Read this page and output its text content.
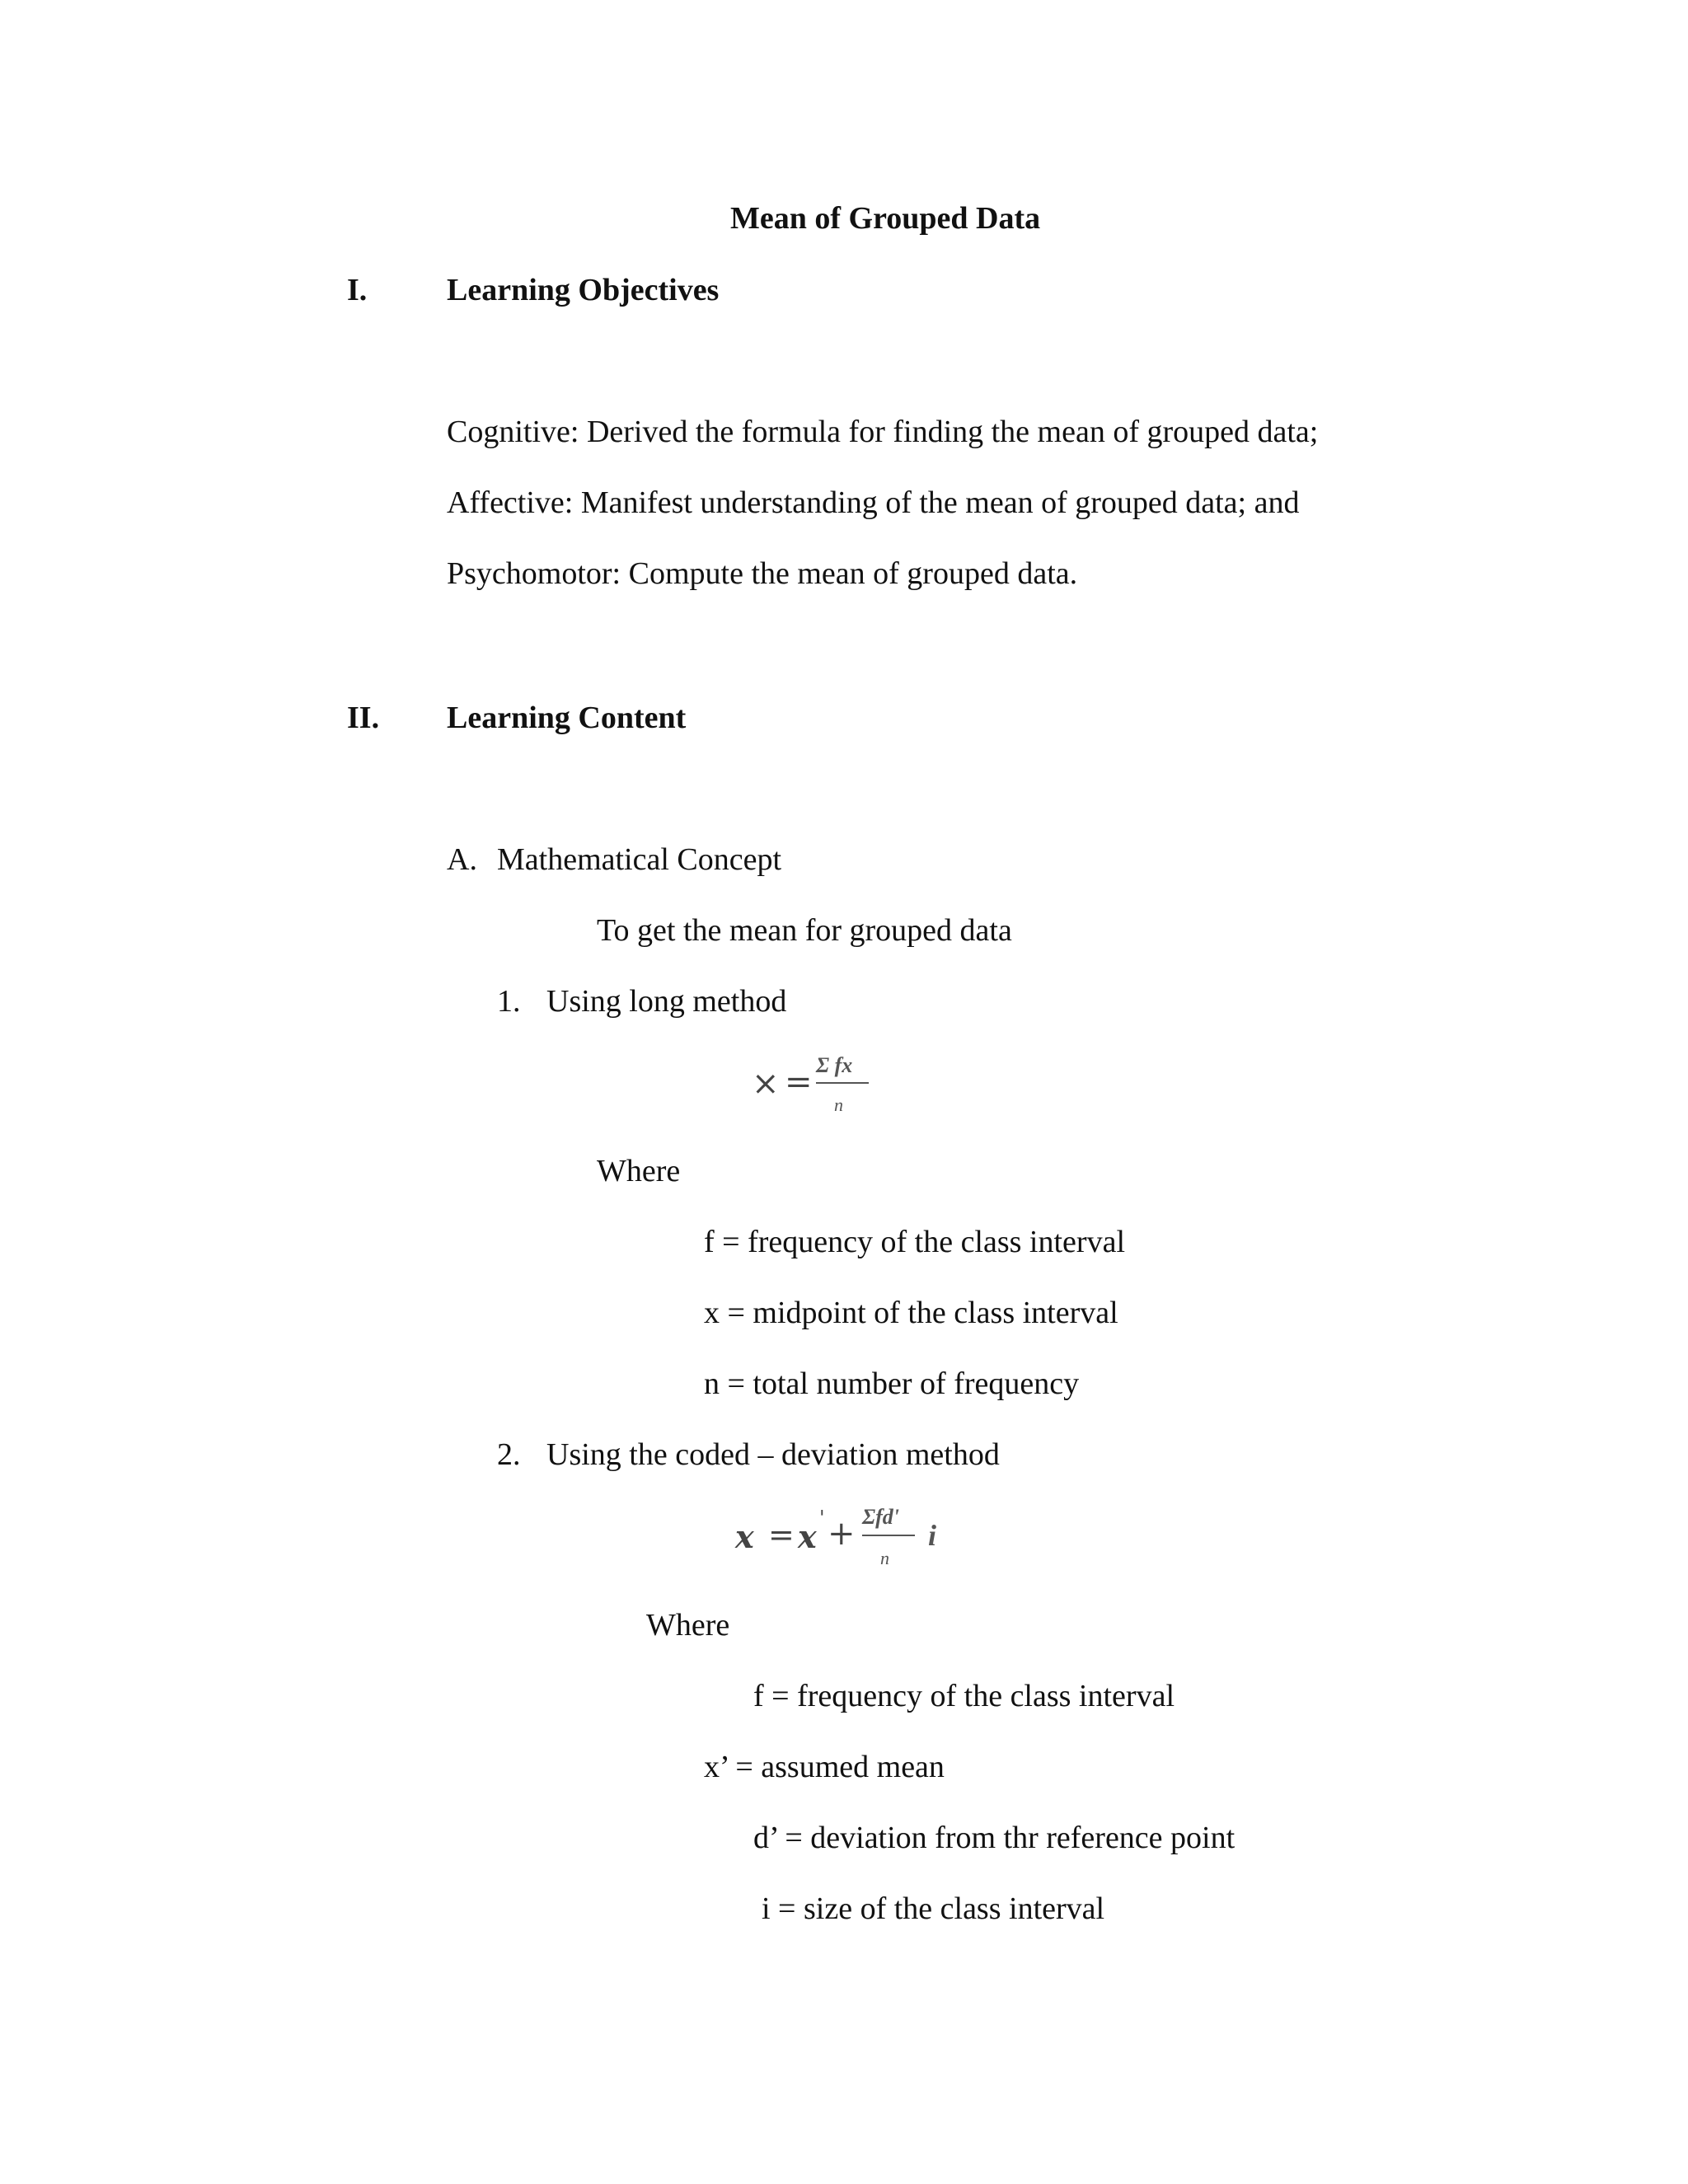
Mean of Grouped Data
I.	Learning Objectives
Cognitive: Derived the formula for finding the mean of grouped data;
Affective: Manifest understanding of the mean of grouped data; and
Psychomotor: Compute the mean of grouped data.
II. Learning Content
A. Mathematical Concept
To get the mean for grouped data
1. Using long method
× = Σ fx
n
Where
f = frequency of the class interval
x = midpoint of the class interval
n = total number of frequency
2. Using the coded – deviation method
x = x ' + Σfd'
n
i
Where
f = frequency of the class interval
x’ = assumed mean
d’ = deviation from thr reference point
i = size of the class interval
